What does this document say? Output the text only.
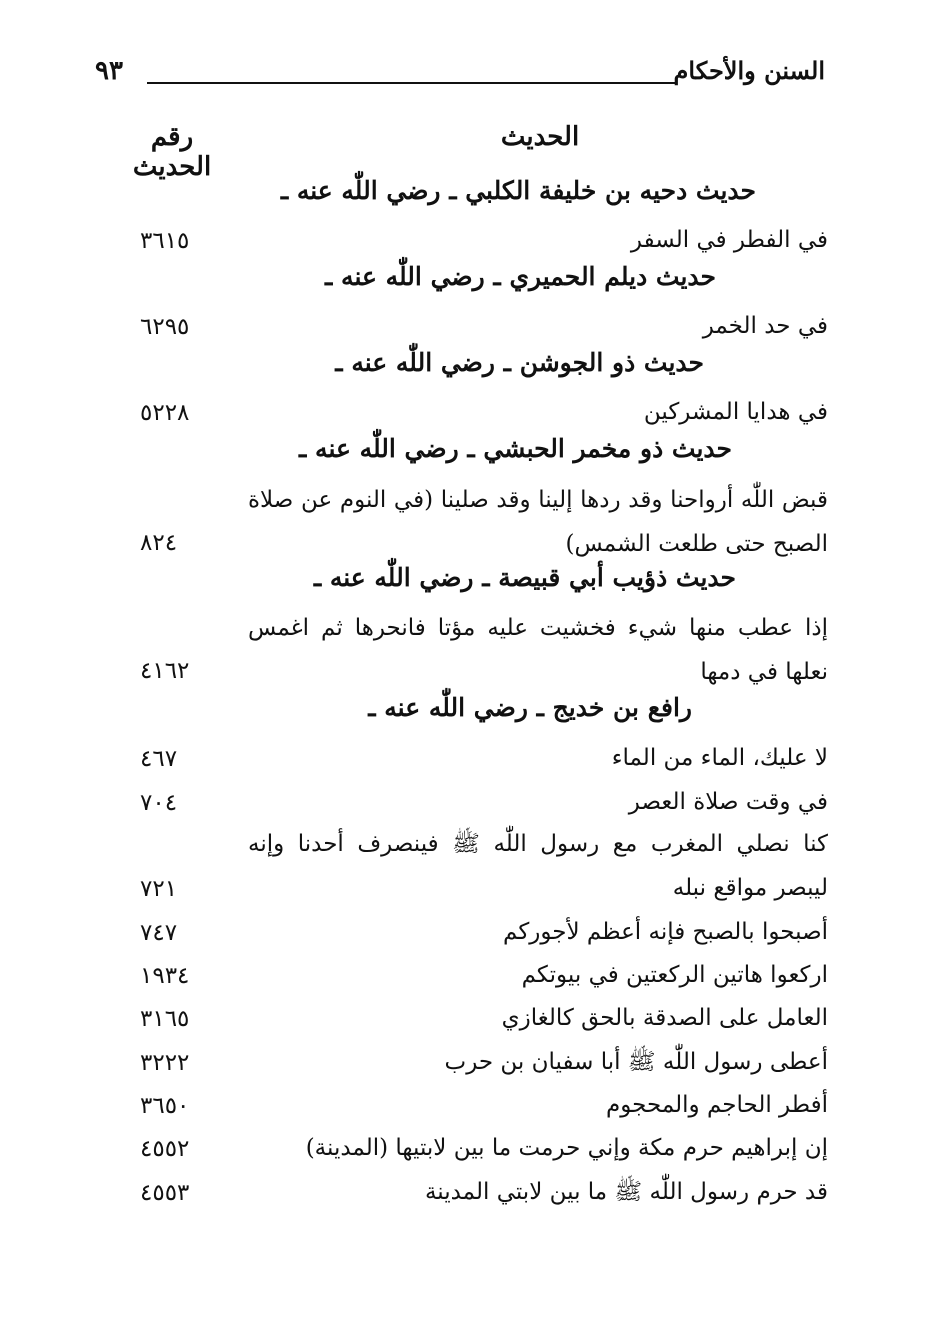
٩٣	السنن والأحكام
الحديث
رقم الحديث
حديث دحيه بن خليفة الكلبي ـ رضي اللّٰه عنه ـ
في الفطر في السفر
٣٦١٥
حديث ديلم الحميري ـ رضي اللّٰه عنه ـ
في حد الخمر
٦٢٩٥
حديث ذو الجوشن ـ رضي اللّٰه عنه ـ
في هدايا المشركين
٥٢٢٨
حديث ذو مخمر الحبشي ـ رضي اللّٰه عنه ـ
قبض اللّٰه أرواحنا وقد ردها إلينا وقد صلينا (في النوم عن صلاة الصبح حتى طلعت الشمس)
٨٢٤
حديث ذؤيب أبي قبيصة ـ رضي اللّٰه عنه ـ
إذا عطب منها شيء فخشيت عليه مؤتا فانحرها ثم اغمس نعلها في دمها
٤١٦٢
رافع بن خديج ـ رضي اللّٰه عنه ـ
لا عليك، الماء من الماء
٤٦٧
في وقت صلاة العصر
٧٠٤
كنا نصلي المغرب مع رسول اللّٰه ﷺ فينصرف أحدنا وإنه ليبصر مواقع نبله
٧٢١
أصبحوا بالصبح فإنه أعظم لأجوركم
٧٤٧
اركعوا هاتين الركعتين في بيوتكم
١٩٣٤
العامل على الصدقة بالحق كالغازي
٣١٦٥
أعطى رسول اللّٰه ﷺ أبا سفيان بن حرب
٣٢٢٢
أفطر الحاجم والمحجوم
٣٦٥٠
إن إبراهيم حرم مكة وإني حرمت ما بين لابتيها (المدينة)
٤٥٥٢
قد حرم رسول اللّٰه ﷺ ما بين لابتي المدينة
٤٥٥٣
